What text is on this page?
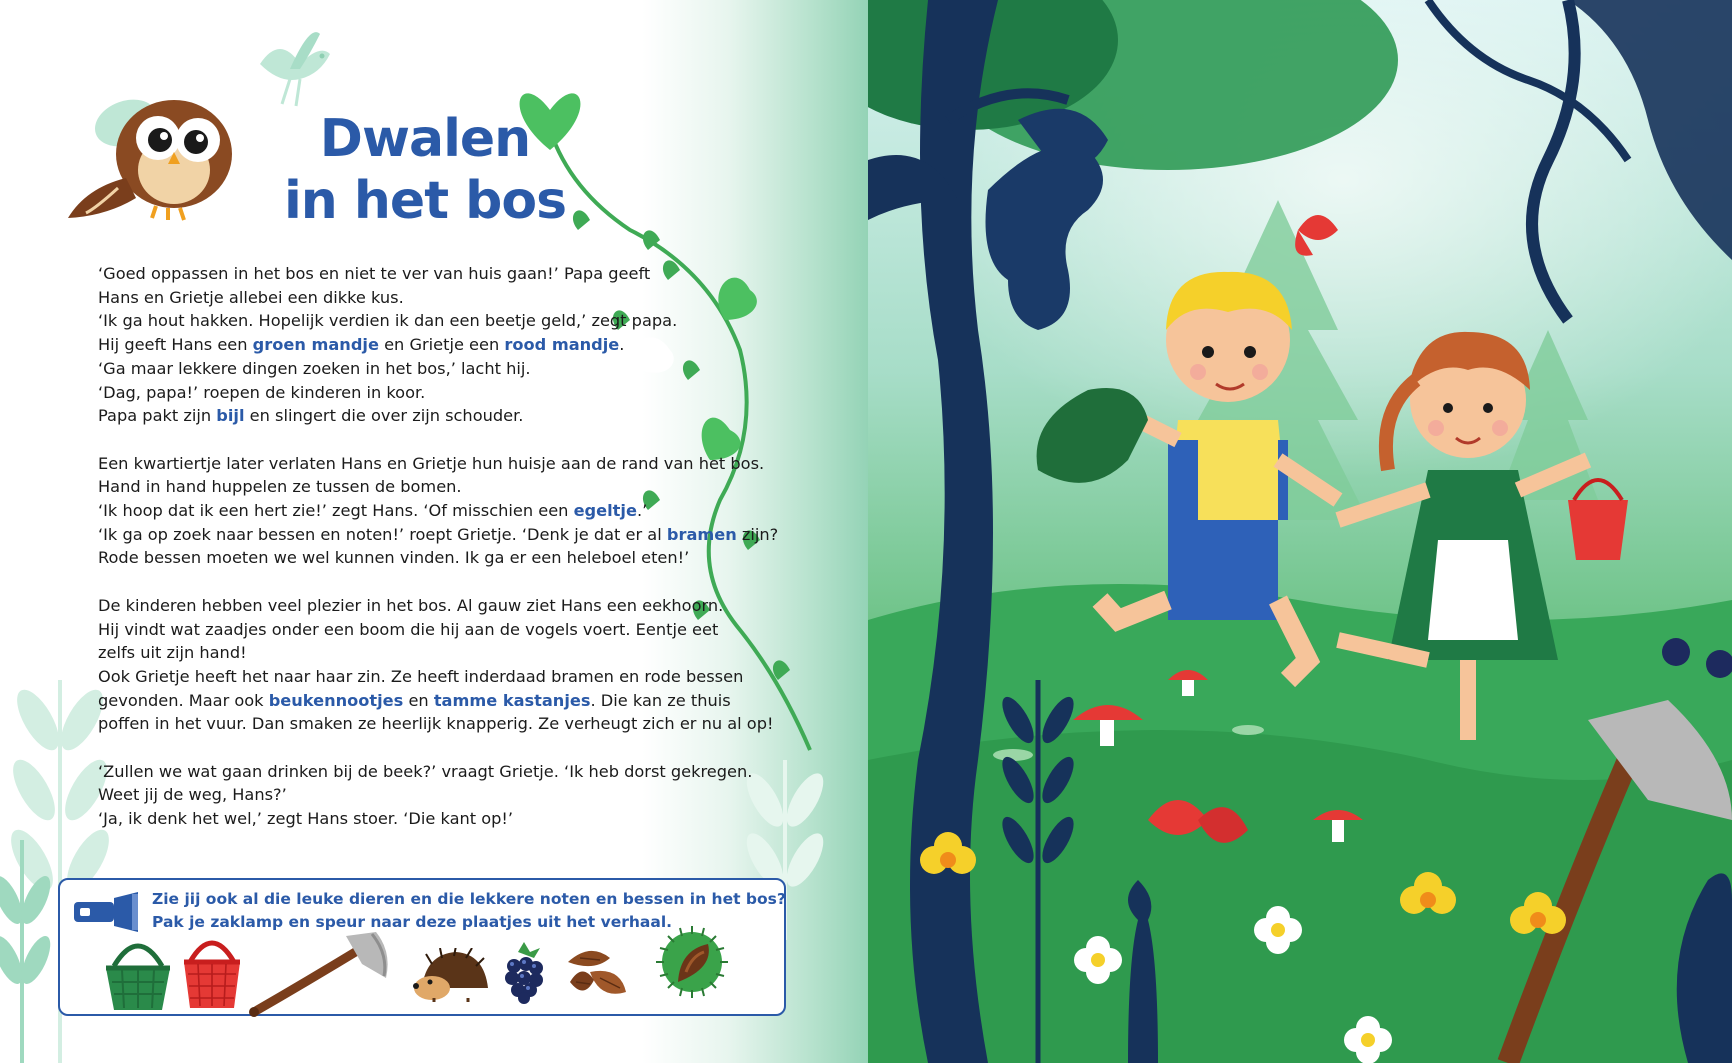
Dwalen
in het bos

‘Goed oppassen in het bos en niet te ver van huis gaan!’ Papa geeft
Hans en Grietje allebei een dikke kus.
‘Ik ga hout hakken. Hopelijk verdien ik dan een beetje geld,’ zegt papa.
Hij geeft Hans een groen mandje en Grietje een rood mandje.
‘Ga maar lekkere dingen zoeken in het bos,’ lacht hij.
‘Dag, papa!’ roepen de kinderen in koor.
Papa pakt zijn bijl en slingert die over zijn schouder.

Een kwartiertje later verlaten Hans en Grietje hun huisje aan de rand van het bos.
Hand in hand huppelen ze tussen de bomen.
‘Ik hoop dat ik een hert zie!’ zegt Hans. ‘Of misschien een egeltje.’
‘Ik ga op zoek naar bessen en noten!’ roept Grietje. ‘Denk je dat er al bramen zijn?
Rode bessen moeten we wel kunnen vinden. Ik ga er een heleboel eten!’

De kinderen hebben veel plezier in het bos. Al gauw ziet Hans een eekhoorn.
Hij vindt wat zaadjes onder een boom die hij aan de vogels voert. Eentje eet
zelfs uit zijn hand!
Ook Grietje heeft het naar haar zin. Ze heeft inderdaad bramen en rode bessen
gevonden. Maar ook beukennootjes en tamme kastanjes. Die kan ze thuis
poffen in het vuur. Dan smaken ze heerlijk knapperig. Ze verheugt zich er nu al op!

‘Zullen we wat gaan drinken bij de beek?’ vraagt Grietje. ‘Ik heb dorst gekregen.
Weet jij de weg, Hans?’
‘Ja, ik denk het wel,’ zegt Hans stoer. ‘Die kant op!’

Zie jij ook al die leuke dieren en die lekkere noten en bessen in het bos?
Pak je zaklamp en speur naar deze plaatjes uit het verhaal.
